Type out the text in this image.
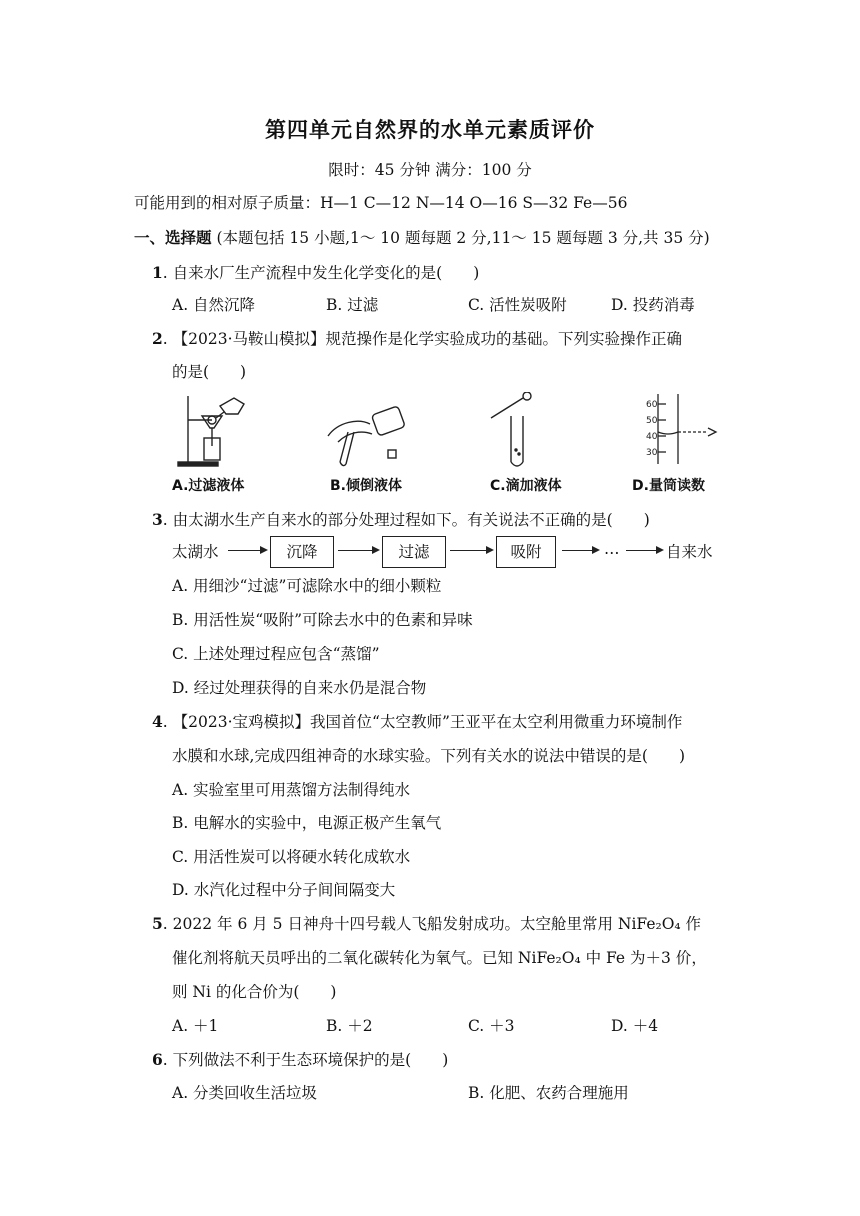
第四单元自然界的水单元素质评价
限时：45 分钟 满分：100 分
可能用到的相对原子质量：H—1 C—12 N—14 O—16 S—32 Fe—56
一、选择题 (本题包括 15 小题,1～ 10 题每题 2 分,11～ 15 题每题 3 分,共 35 分)
1. 自来水厂生产流程中发生化学变化的是(　　)
A. 自然沉降	B. 过滤	C. 活性炭吸附	D. 投药消毒
2. 【2023·马鞍山模拟】规范操作是化学实验成功的基础。下列实验操作正确
的是(　　)
60
50
40
30
A.过滤液体	B.倾倒液体	C.滴加液体	D.量筒读数
3. 由太湖水生产自来水的部分处理过程如下。有关说法不正确的是(　　)
太湖水	沉降	过滤	吸附	…	自来水
A. 用细沙“过滤”可滤除水中的细小颗粒
B. 用活性炭“吸附”可除去水中的色素和异味
C. 上述处理过程应包含“蒸馏”
D. 经过处理获得的自来水仍是混合物
4. 【2023·宝鸡模拟】我国首位“太空教师”王亚平在太空利用微重力环境制作
水膜和水球,完成四组神奇的水球实验。下列有关水的说法中错误的是(　　)
A. 实验室里可用蒸馏方法制得纯水
B. 电解水的实验中，电源正极产生氧气
C. 用活性炭可以将硬水转化成软水
D. 水汽化过程中分子间间隔变大
5. 2022 年 6 月 5 日神舟十四号载人飞船发射成功。太空舱里常用 NiFe₂O₄ 作
催化剂将航天员呼出的二氧化碳转化为氧气。已知 NiFe₂O₄ 中 Fe 为＋3 价，
则 Ni 的化合价为(　　)
A. ＋1	B. ＋2	C. ＋3	D. ＋4
6. 下列做法不利于生态环境保护的是(　　)
A. 分类回收生活垃圾	B. 化肥、农药合理施用
